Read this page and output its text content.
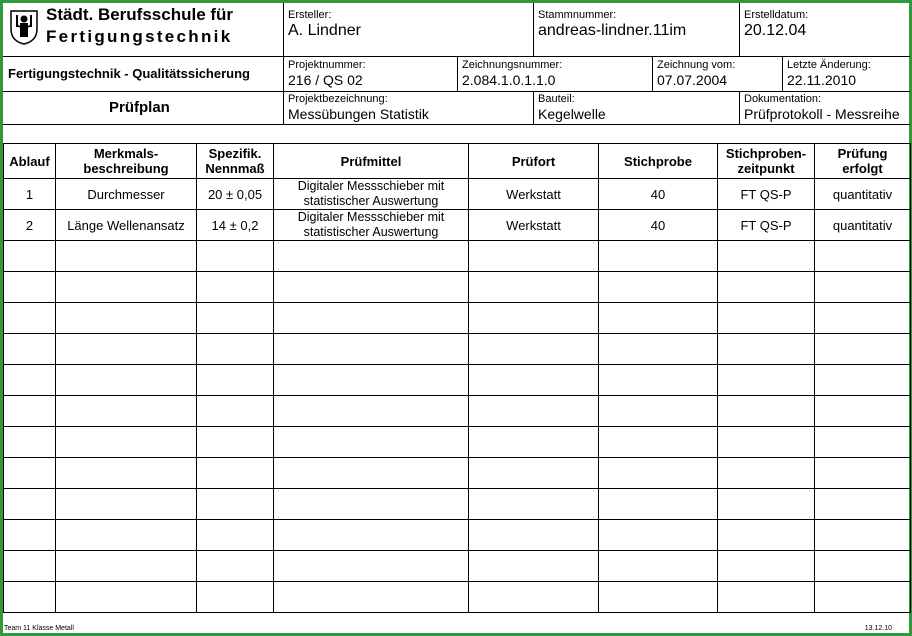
Städt. Berufsschule für
Fertigungstechnik
Ersteller:
A. Lindner
Stammnummer:
andreas-lindner.11im
Erstelldatum:
20.12.04
Fertigungstechnik - Qualitätssicherung
Projektnummer:
216 / QS 02
Zeichnungsnummer:
2.084.1.0.1.1.0
Zeichnung vom:
07.07.2004
Letzte Änderung:
22.11.2010
Prüfplan	Projektbezeichnung:
Messübungen Statistik
Bauteil:
Kegelwelle
Dokumentation:
Prüfprotokoll - Messreihe
Ablauf	Merkmals-
beschreibung	Spezifik.
Nennmaß	Prüfmittel	Prüfort	Stichprobe	Stichproben-
zeitpunkt	Prüfung
erfolgt
1	Durchmesser	20 ± 0,05	Digitaler Messschieber mit statistischer Auswertung	Werkstatt	40	FT QS-P	quantitativ
2	Länge Wellenansatz	14 ± 0,2	Digitaler Messschieber mit statistischer Auswertung	Werkstatt	40	FT QS-P	quantitativ

Team 11 Klasse Metall	13.12.10
